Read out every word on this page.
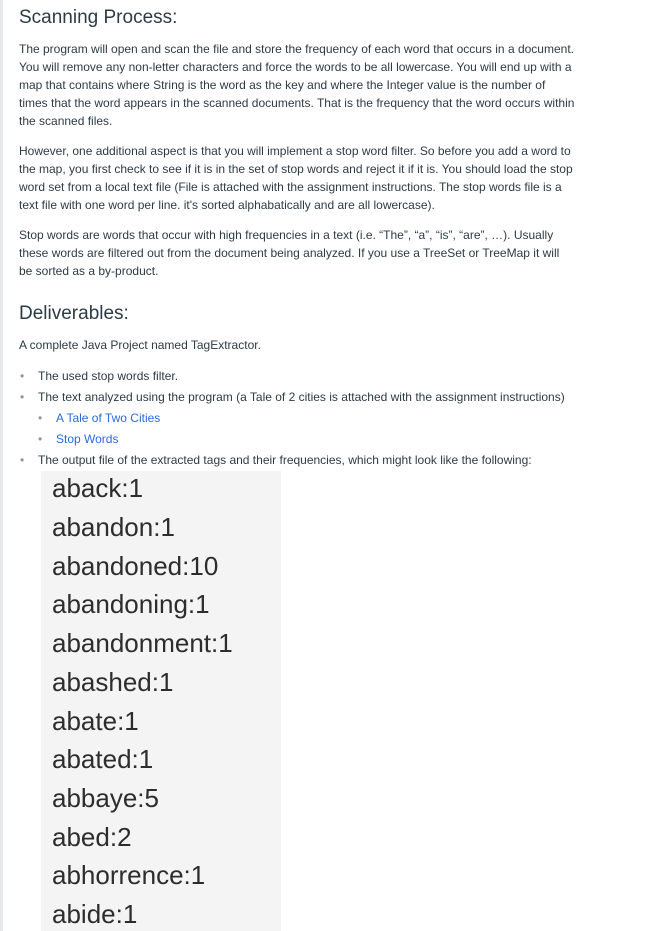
Scanning Process:

The program will open and scan the file and store the frequency of each word that occurs in a document. You will remove any non-letter characters and force the words to be all lowercase. You will end up with a map that contains where String is the word as the key and where the Integer value is the number of times that the word appears in the scanned documents. That is the frequency that the word occurs within the scanned files.

However, one additional aspect is that you will implement a stop word filter. So before you add a word to the map, you first check to see if it is in the set of stop words and reject it if it is. You should load the stop word set from a local text file (File is attached with the assignment instructions. The stop words file is a text file with one word per line. it's sorted alphabatically and are all lowercase).

Stop words are words that occur with high frequencies in a text (i.e. “The”, “a”, “is”, “are”, …). Usually these words are filtered out from the document being analyzed. If you use a TreeSet or TreeMap it will be sorted as a by-product.

Deliverables:

A complete Java Project named TagExtractor.

• The used stop words filter.
• The text analyzed using the program (a Tale of 2 cities is attached with the assignment instructions)
• A Tale of Two Cities
• Stop Words
• The output file of the extracted tags and their frequencies, which might look like the following:
aback:1
abandon:1
abandoned:10
abandoning:1
abandonment:1
abashed:1
abate:1
abated:1
abbaye:5
abed:2
abhorrence:1
abide:1
